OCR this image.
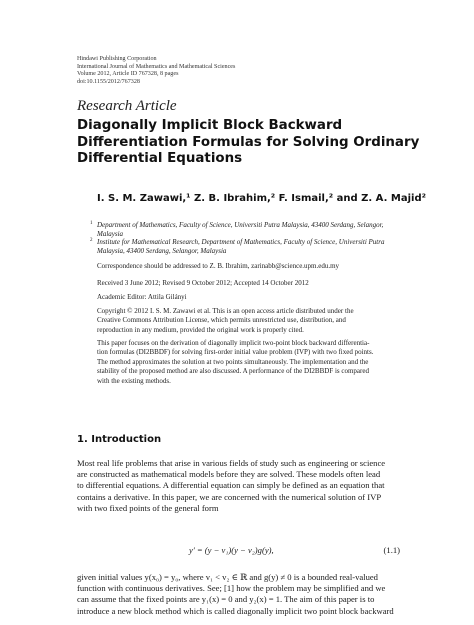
Hindawi Publishing Corporation
International Journal of Mathematics and Mathematical Sciences
Volume 2012, Article ID 767328, 8 pages
doi:10.1155/2012/767328
Research Article
Diagonally Implicit Block Backward
Differentiation Formulas for Solving Ordinary
Differential Equations
I. S. M. Zawawi,¹ Z. B. Ibrahim,² F. Ismail,² and Z. A. Majid²
1 Department of Mathematics, Faculty of Science, Universiti Putra Malaysia, 43400 Serdang, Selangor,
Malaysia
2 Institute for Mathematical Research, Department of Mathematics, Faculty of Science, Universiti Putra
Malaysia, 43400 Serdang, Selangor, Malaysia
Correspondence should be addressed to Z. B. Ibrahim, zarinabb@science.upm.edu.my
Received 3 June 2012; Revised 9 October 2012; Accepted 14 October 2012
Academic Editor: Attila Gilányi
Copyright © 2012 I. S. M. Zawawi et al. This is an open access article distributed under the
Creative Commons Attribution License, which permits unrestricted use, distribution, and
reproduction in any medium, provided the original work is properly cited.
This paper focuses on the derivation of diagonally implicit two-point block backward differentia-
tion formulas (DI2BBDF) for solving first-order initial value problem (IVP) with two fixed points.
The method approximates the solution at two points simultaneously. The implementation and the
stability of the proposed method are also discussed. A performance of the DI2BBDF is compared
with the existing methods.
1. Introduction
Most real life problems that arise in various fields of study such as engineering or science
are constructed as mathematical models before they are solved. These models often lead
to differential equations. A differential equation can simply be defined as an equation that
contains a derivative. In this paper, we are concerned with the numerical solution of IVP
with two fixed points of the general form
y′ = (y − v₁)(y − v₂)g(y),	(1.1)
given initial values y(x₀) = y₀, where v₁ < v₂ ∈ ℝ and g(y) ≠ 0 is a bounded real-valued
function with continuous derivatives. See; [1] how the problem may be simplified and we
can assume that the fixed points are y₁(x) = 0 and y₂(x) = 1. The aim of this paper is to
introduce a new block method which is called diagonally implicit two point block backward
